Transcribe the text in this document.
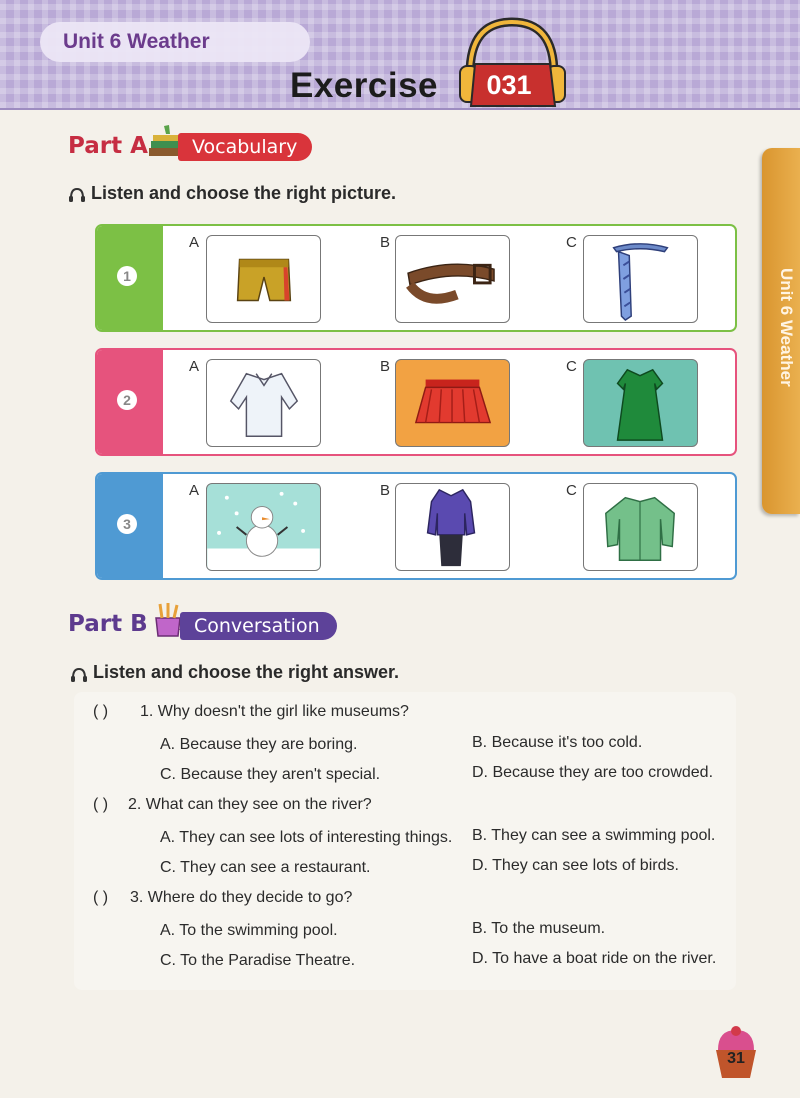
Unit 6 Weather
Exercise	031
Unit 6 Weather
Part A	Vocabulary
Listen and choose the right picture.
1
A	B	C
2
A	B	C
3
A	B	C
Part B	Conversation
Listen and choose the right answer.
( ) 1. Why doesn't the girl like museums?
A. Because they are boring.	B. Because it's too cold.
C. Because they aren't special.	D. Because they are too crowded.
( ) 2. What can they see on the river?
A. They can see lots of interesting things. B. They can see a swimming pool.
C. They can see a restaurant.	D. They can see lots of birds.
( ) 3. Where do they decide to go?
A. To the swimming pool.	B. To the museum.
C. To the Paradise Theatre.	D. To have a boat ride on the river.
31
